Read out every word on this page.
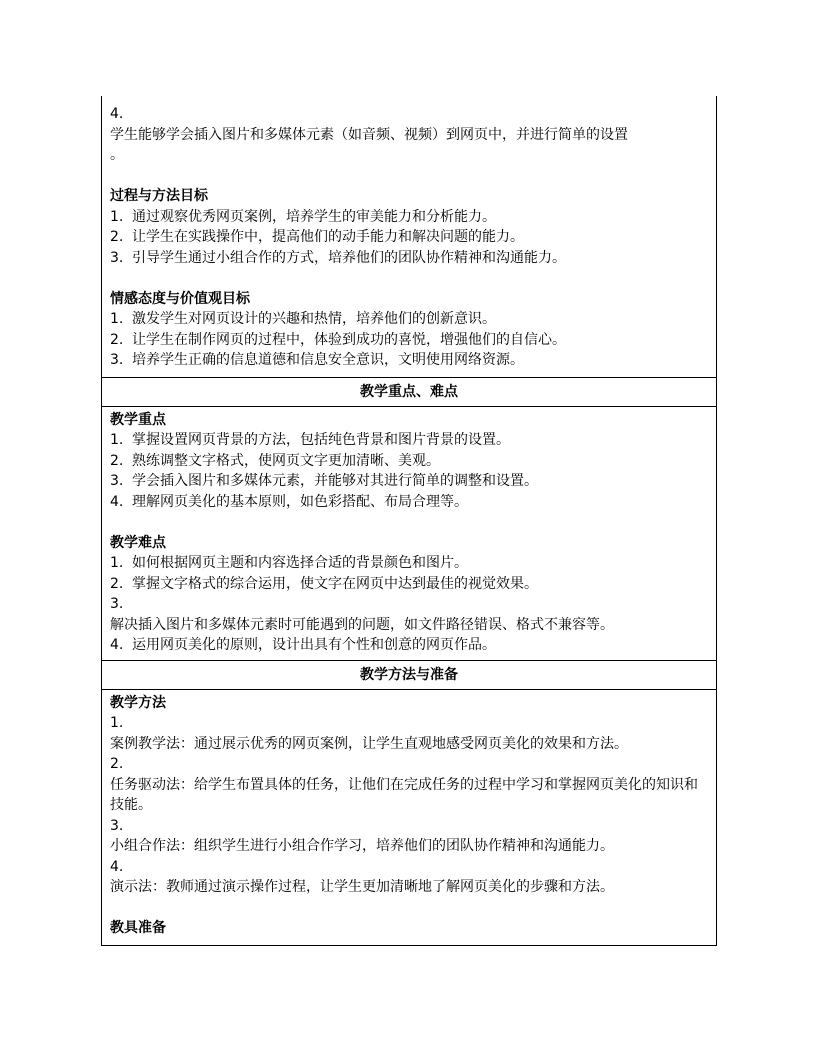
4.
学生能够学会插入图片和多媒体元素（如音频、视频）到网页中，并进行简单的设置
。
过程与方法目标
1. 通过观察优秀网页案例，培养学生的审美能力和分析能力。
2. 让学生在实践操作中，提高他们的动手能力和解决问题的能力。
3. 引导学生通过小组合作的方式，培养他们的团队协作精神和沟通能力。
情感态度与价值观目标
1. 激发学生对网页设计的兴趣和热情，培养他们的创新意识。
2. 让学生在制作网页的过程中，体验到成功的喜悦，增强他们的自信心。
3. 培养学生正确的信息道德和信息安全意识，文明使用网络资源。
教学重点、难点
教学重点
1. 掌握设置网页背景的方法，包括纯色背景和图片背景的设置。
2. 熟练调整文字格式，使网页文字更加清晰、美观。
3. 学会插入图片和多媒体元素，并能够对其进行简单的调整和设置。
4. 理解网页美化的基本原则，如色彩搭配、布局合理等。
教学难点
1. 如何根据网页主题和内容选择合适的背景颜色和图片。
2. 掌握文字格式的综合运用，使文字在网页中达到最佳的视觉效果。
3.
解决插入图片和多媒体元素时可能遇到的问题，如文件路径错误、格式不兼容等。
4. 运用网页美化的原则，设计出具有个性和创意的网页作品。
教学方法与准备
教学方法
1.
案例教学法：通过展示优秀的网页案例，让学生直观地感受网页美化的效果和方法。
2.
任务驱动法：给学生布置具体的任务，让他们在完成任务的过程中学习和掌握网页美化的知识和技能。
3.
小组合作法：组织学生进行小组合作学习，培养他们的团队协作精神和沟通能力。
4.
演示法：教师通过演示操作过程，让学生更加清晰地了解网页美化的步骤和方法。
教具准备
